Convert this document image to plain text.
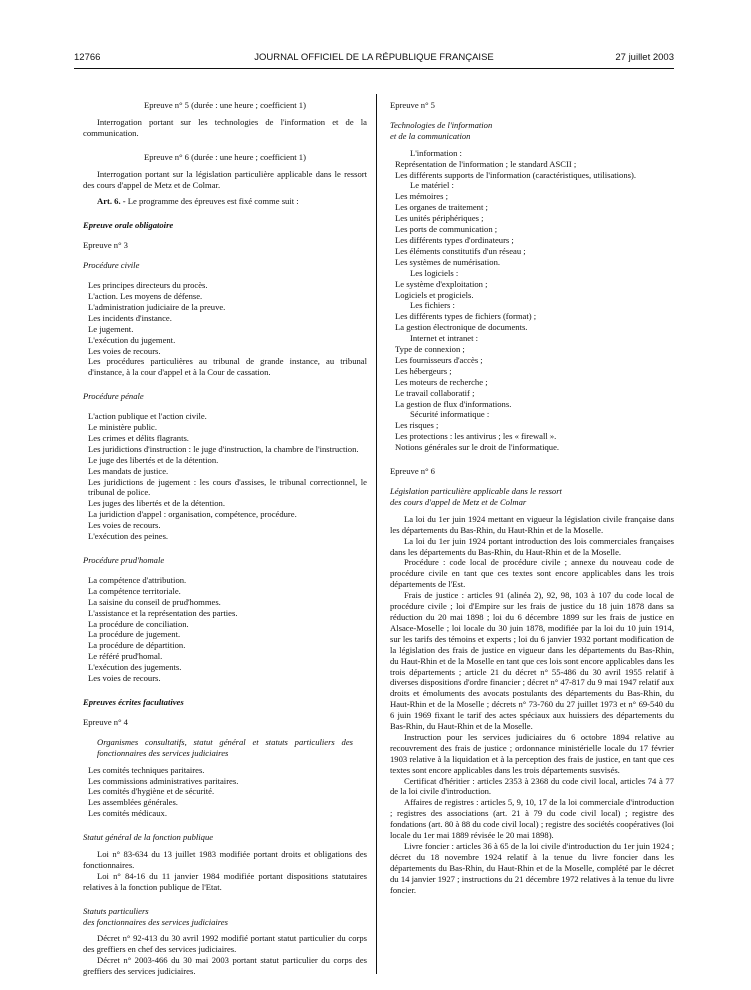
12766	JOURNAL OFFICIEL DE LA RÉPUBLIQUE FRANÇAISE	27 juillet 2003

Epreuve n° 5 (durée : une heure ; coefficient 1)

Interrogation portant sur les technologies de l'information et de la communication.

Epreuve n° 6 (durée : une heure ; coefficient 1)

Interrogation portant sur la législation particulière applicable dans le ressort des cours d'appel de Metz et de Colmar.

Art. 6. - Le programme des épreuves est fixé comme suit :

Epreuve orale obligatoire

Epreuve n° 3

Procédure civile

Les principes directeurs du procès.

L'action. Les moyens de défense.

L'administration judiciaire de la preuve.

Les incidents d'instance.

Le jugement.

L'exécution du jugement.

Les voies de recours.

Les procédures particulières au tribunal de grande instance, au tribunal d'instance, à la cour d'appel et à la Cour de cassation.

Procédure pénale

L'action publique et l'action civile.

Le ministère public.

Les crimes et délits flagrants.

Les juridictions d'instruction : le juge d'instruction, la chambre de l'instruction.

Le juge des libertés et de la détention.

Les mandats de justice.

Les juridictions de jugement : les cours d'assises, le tribunal correctionnel, le tribunal de police.

Les juges des libertés et de la détention.

La juridiction d'appel : organisation, compétence, procédure.

Les voies de recours.

L'exécution des peines.

Procédure prud'homale

La compétence d'attribution.

La compétence territoriale.

La saisine du conseil de prud'hommes.

L'assistance et la représentation des parties.

La procédure de conciliation.

La procédure de jugement.

La procédure de départition.

Le référé prud'homal.

L'exécution des jugements.

Les voies de recours.

Epreuves écrites facultatives

Epreuve n° 4

Organismes consultatifs, statut général et statuts particuliers des fonctionnaires des services judiciaires

Les comités techniques paritaires.

Les commissions administratives paritaires.

Les comités d'hygiène et de sécurité.

Les assemblées générales.

Les comités médicaux.

Statut général de la fonction publique

Loi n° 83-634 du 13 juillet 1983 modifiée portant droits et obligations des fonctionnaires.

Loi n° 84-16 du 11 janvier 1984 modifiée portant dispositions statutaires relatives à la fonction publique de l'Etat.

Statuts particuliers

des fonctionnaires des services judiciaires

Décret n° 92-413 du 30 avril 1992 modifié portant statut particulier du corps des greffiers en chef des services judiciaires.

Décret n° 2003-466 du 30 mai 2003 portant statut particulier du corps des greffiers des services judiciaires.

Epreuve n° 5

Technologies de l'information

et de la communication

L'information :

Représentation de l'information ; le standard ASCII ;

Les différents supports de l'information (caractéristiques, utilisations).

Le matériel :

Les mémoires ;

Les organes de traitement ;

Les unités périphériques ;

Les ports de communication ;

Les différents types d'ordinateurs ;

Les éléments constitutifs d'un réseau ;

Les systèmes de numérisation.

Les logiciels :

Le système d'exploitation ;

Logiciels et progiciels.

Les fichiers :

Les différents types de fichiers (format) ;

La gestion électronique de documents.

Internet et intranet :

Type de connexion ;

Les fournisseurs d'accès ;

Les hébergeurs ;

Les moteurs de recherche ;

Le travail collaboratif ;

La gestion de flux d'informations.

Sécurité informatique :

Les risques ;

Les protections : les antivirus ; les « firewall ».

Notions générales sur le droit de l'informatique.

Epreuve n° 6

Législation particulière applicable dans le ressort

des cours d'appel de Metz et de Colmar

La loi du 1er juin 1924 mettant en vigueur la législation civile française dans les départements du Bas-Rhin, du Haut-Rhin et de la Moselle.

La loi du 1er juin 1924 portant introduction des lois commerciales françaises dans les départements du Bas-Rhin, du Haut-Rhin et de la Moselle.

Procédure : code local de procédure civile ; annexe du nouveau code de procédure civile en tant que ces textes sont encore applicables dans les trois départements de l'Est.

Frais de justice : articles 91 (alinéa 2), 92, 98, 103 à 107 du code local de procédure civile ; loi d'Empire sur les frais de justice du 18 juin 1878 dans sa réduction du 20 mai 1898 ; loi du 6 décembre 1899 sur les frais de justice en Alsace-Moselle ; loi locale du 30 juin 1878, modifiée par la loi du 10 juin 1914, sur les tarifs des témoins et experts ; loi du 6 janvier 1932 portant modification de la législation des frais de justice en vigueur dans les départements du Bas-Rhin, du Haut-Rhin et de la Moselle en tant que ces lois sont encore applicables dans les trois départements ; article 21 du décret n° 55-486 du 30 avril 1955 relatif à diverses dispositions d'ordre financier ; décret n° 47-817 du 9 mai 1947 relatif aux droits et émoluments des avocats postulants des départements du Bas-Rhin, du Haut-Rhin et de la Moselle ; décrets n° 73-760 du 27 juillet 1973 et n° 69-540 du 6 juin 1969 fixant le tarif des actes spéciaux aux huissiers des départements du Bas-Rhin, du Haut-Rhin et de la Moselle.

Instruction pour les services judiciaires du 6 octobre 1894 relative au recouvrement des frais de justice ; ordonnance ministérielle locale du 17 février 1903 relative à la liquidation et à la perception des frais de justice, en tant que ces textes sont encore applicables dans les trois départements susvisés.

Certificat d'héritier : articles 2353 à 2368 du code civil local, articles 74 à 77 de la loi civile d'introduction.

Affaires de registres : articles 5, 9, 10, 17 de la loi commerciale d'introduction ; registres des associations (art. 21 à 79 du code civil local) ; registre des fondations (art. 80 à 88 du code civil local) ; registre des sociétés coopératives (loi locale du 1er mai 1889 révisée le 20 mai 1898).

Livre foncier : articles 36 à 65 de la loi civile d'introduction du 1er juin 1924 ; décret du 18 novembre 1924 relatif à la tenue du livre foncier dans les départements du Bas-Rhin, du Haut-Rhin et de la Moselle, complété par le décret du 14 janvier 1927 ; instructions du 21 décembre 1972 relatives à la tenue du livre foncier.
